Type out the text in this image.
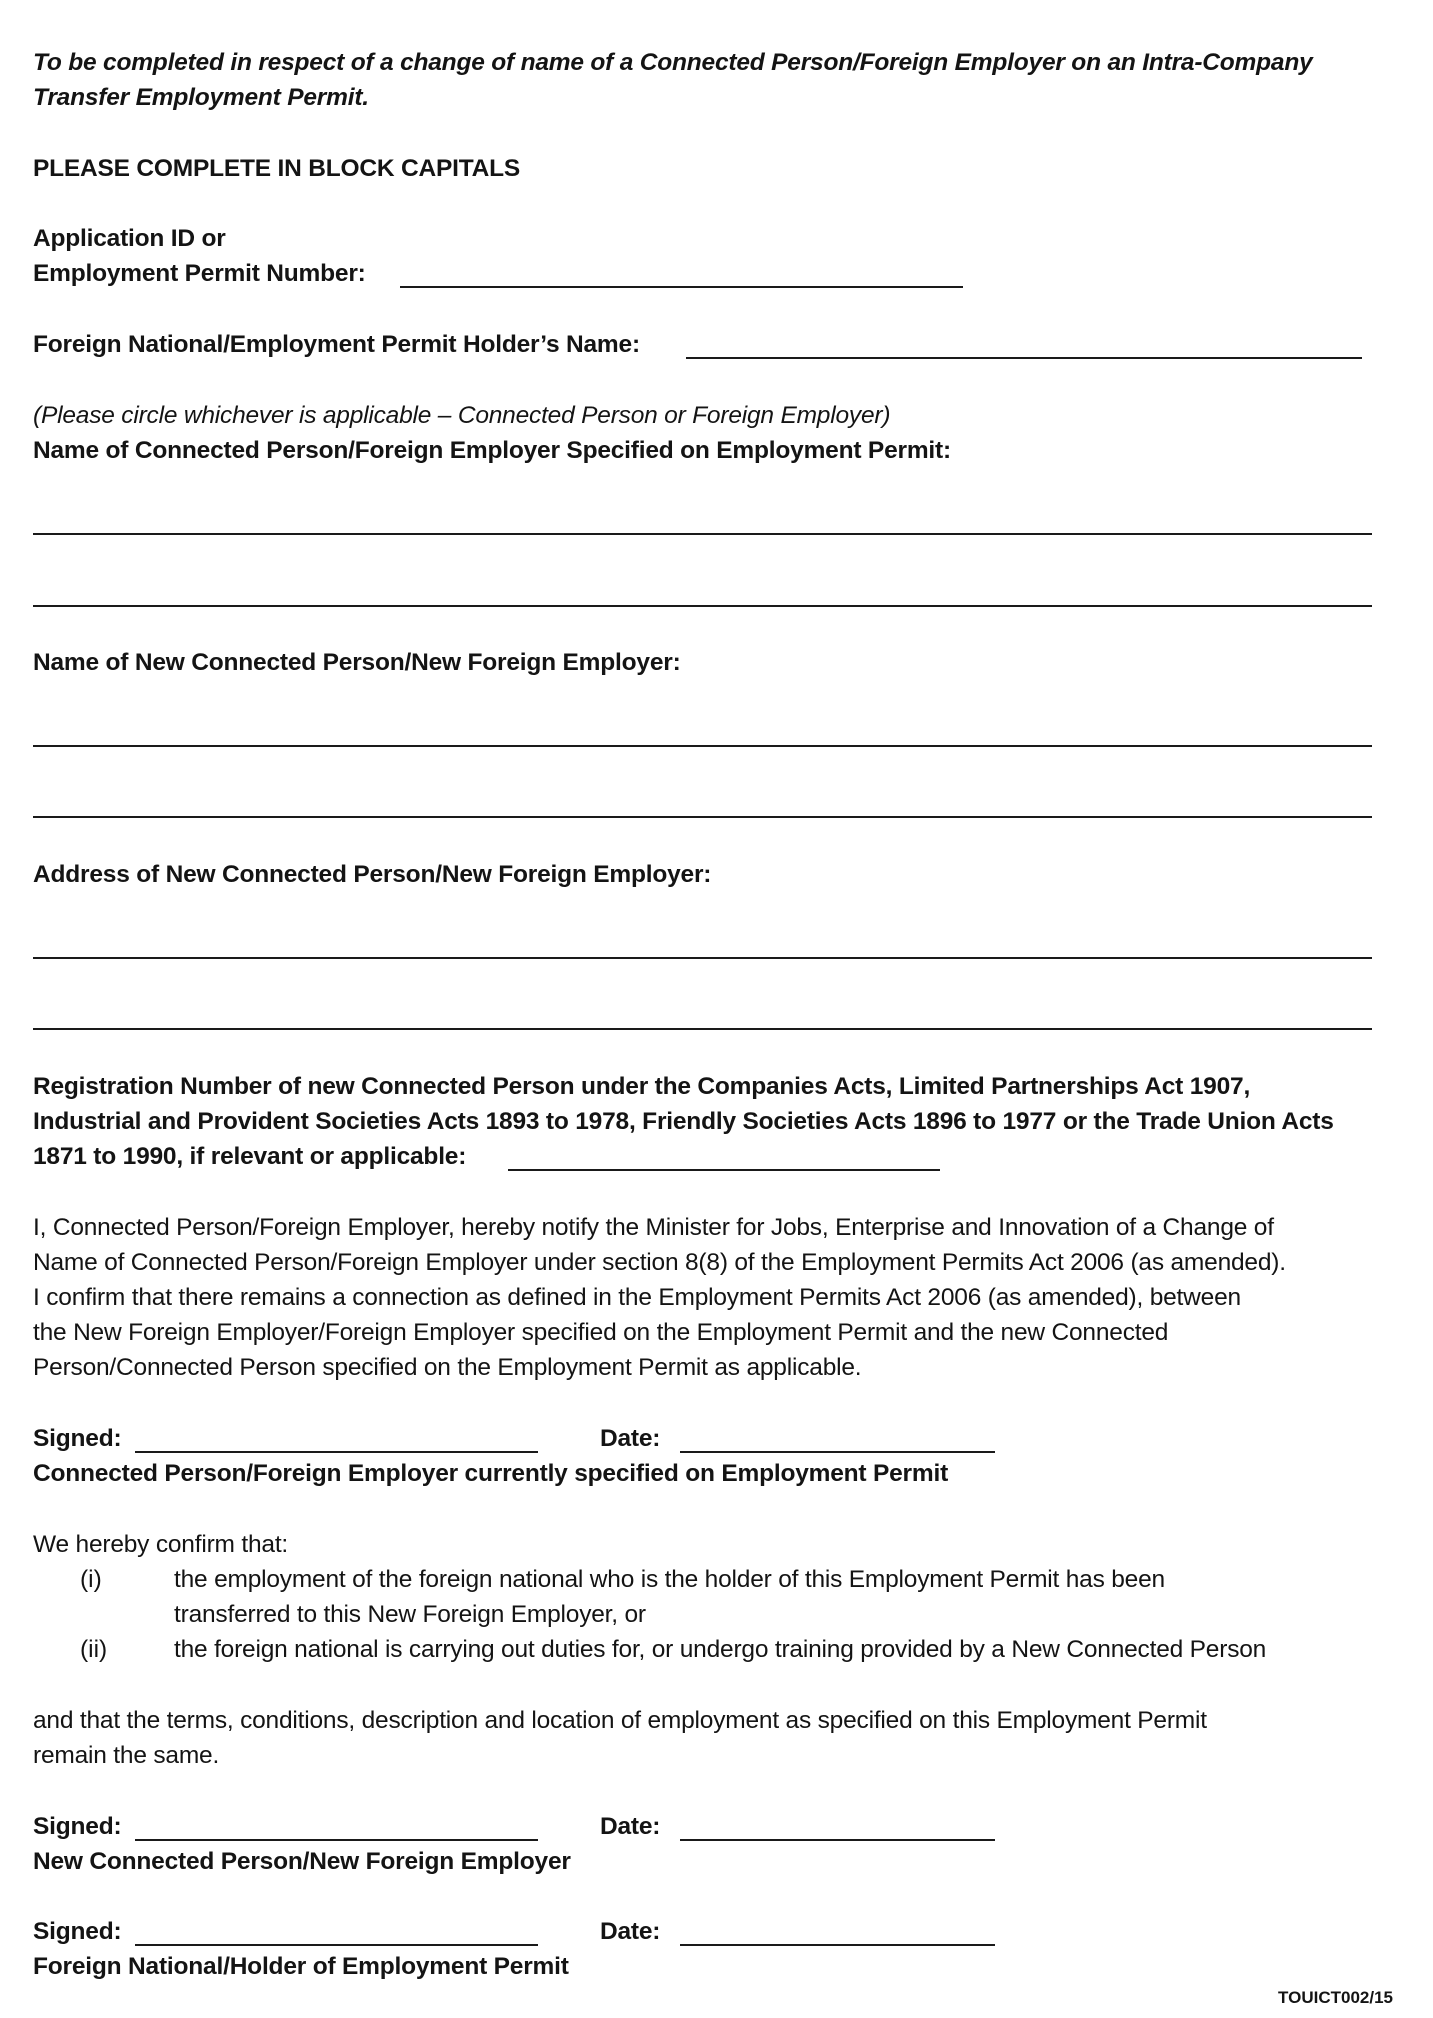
To be completed in respect of a change of name of a Connected Person/Foreign Employer on an Intra-Company
Transfer Employment Permit.
PLEASE COMPLETE IN BLOCK CAPITALS
Application ID or
Employment Permit Number:
Foreign National/Employment Permit Holder’s Name:
(Please circle whichever is applicable – Connected Person or Foreign Employer)
Name of Connected Person/Foreign Employer Specified on Employment Permit:
Name of New Connected Person/New Foreign Employer:
Address of New Connected Person/New Foreign Employer:
Registration Number of new Connected Person under the Companies Acts, Limited Partnerships Act 1907,
Industrial and Provident Societies Acts 1893 to 1978, Friendly Societies Acts 1896 to 1977 or the Trade Union Acts
1871 to 1990, if relevant or applicable:
I, Connected Person/Foreign Employer, hereby notify the Minister for Jobs, Enterprise and Innovation of a Change of
Name of Connected Person/Foreign Employer under section 8(8) of the Employment Permits Act 2006 (as amended).
I confirm that there remains a connection as defined in the Employment Permits Act 2006 (as amended), between
the New Foreign Employer/Foreign Employer specified on the Employment Permit and the new Connected
Person/Connected Person specified on the Employment Permit as applicable.
Signed:	Date:
Connected Person/Foreign Employer currently specified on Employment Permit
We hereby confirm that:
(i)	the employment of the foreign national who is the holder of this Employment Permit has been
transferred to this New Foreign Employer, or
(ii)	the foreign national is carrying out duties for, or undergo training provided by a New Connected Person
and that the terms, conditions, description and location of employment as specified on this Employment Permit
remain the same.
Signed:	Date:
New Connected Person/New Foreign Employer
Signed:	Date:
Foreign National/Holder of Employment Permit
TOUICT002/15
